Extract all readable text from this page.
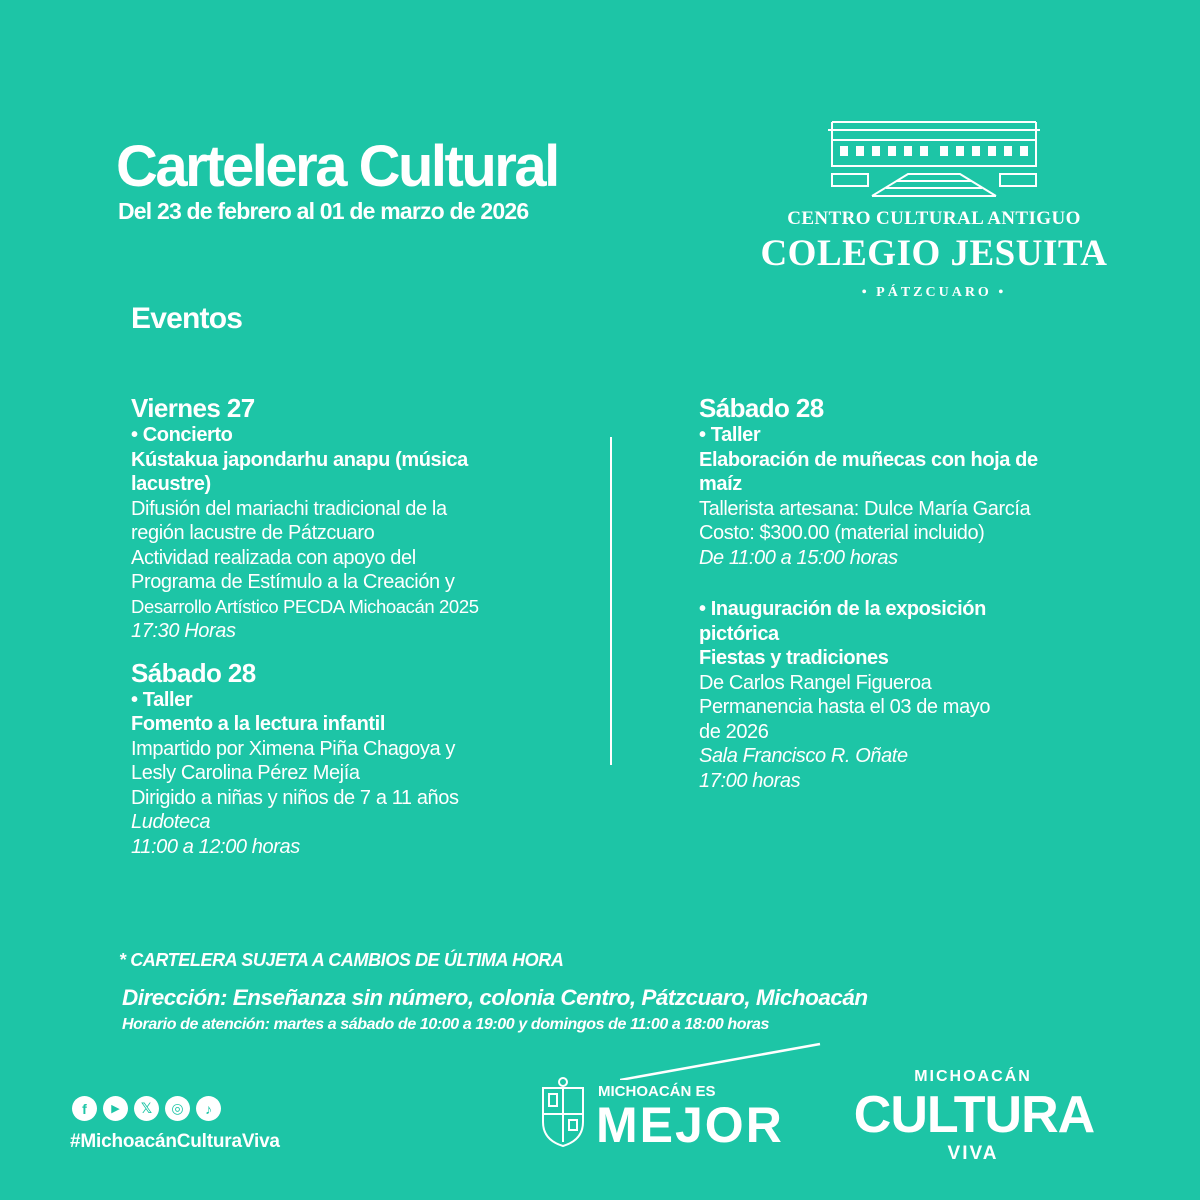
Cartelera Cultural
Del 23 de febrero al 01 de marzo de 2026	CENTRO CULTURAL ANTIGUO
COLEGIO JESUITA
• PÁTZCUARO •
Eventos
Viernes 27
• Concierto
Kústakua japondarhu anapu (música
lacustre)
Difusión del mariachi tradicional de la
región lacustre de Pátzcuaro
Actividad realizada con apoyo del
Programa de Estímulo a la Creación y
Desarrollo Artístico PECDA Michoacán 2025
17:30 Horas
Sábado 28
• Taller
Fomento a la lectura infantil
Impartido por Ximena Piña Chagoya y
Lesly Carolina Pérez Mejía
Dirigido a niñas y niños de 7 a 11 años
Ludoteca
11:00 a 12:00 horas
Sábado 28
• Taller
Elaboración de muñecas con hoja de
maíz
Tallerista artesana: Dulce María García
Costo: $300.00 (material incluido)
De 11:00 a 15:00 horas
• Inauguración de la exposición
pictórica
Fiestas y tradiciones
De Carlos Rangel Figueroa
Permanencia hasta el 03 de mayo
de 2026
Sala Francisco R. Oñate
17:00 horas
* CARTELERA SUJETA A CAMBIOS DE ÚLTIMA HORA
Dirección: Enseñanza sin número, colonia Centro, Pátzcuaro, Michoacán
Horario de atención: martes a sábado de 10:00 a 19:00 y domingos de 11:00 a 18:00 horas
f	▶	𝕏	◎	♪
#MichoacánCulturaViva
MICHOACÁN ES
MEJOR
MICHOACÁN
CULTURA
VIVA
